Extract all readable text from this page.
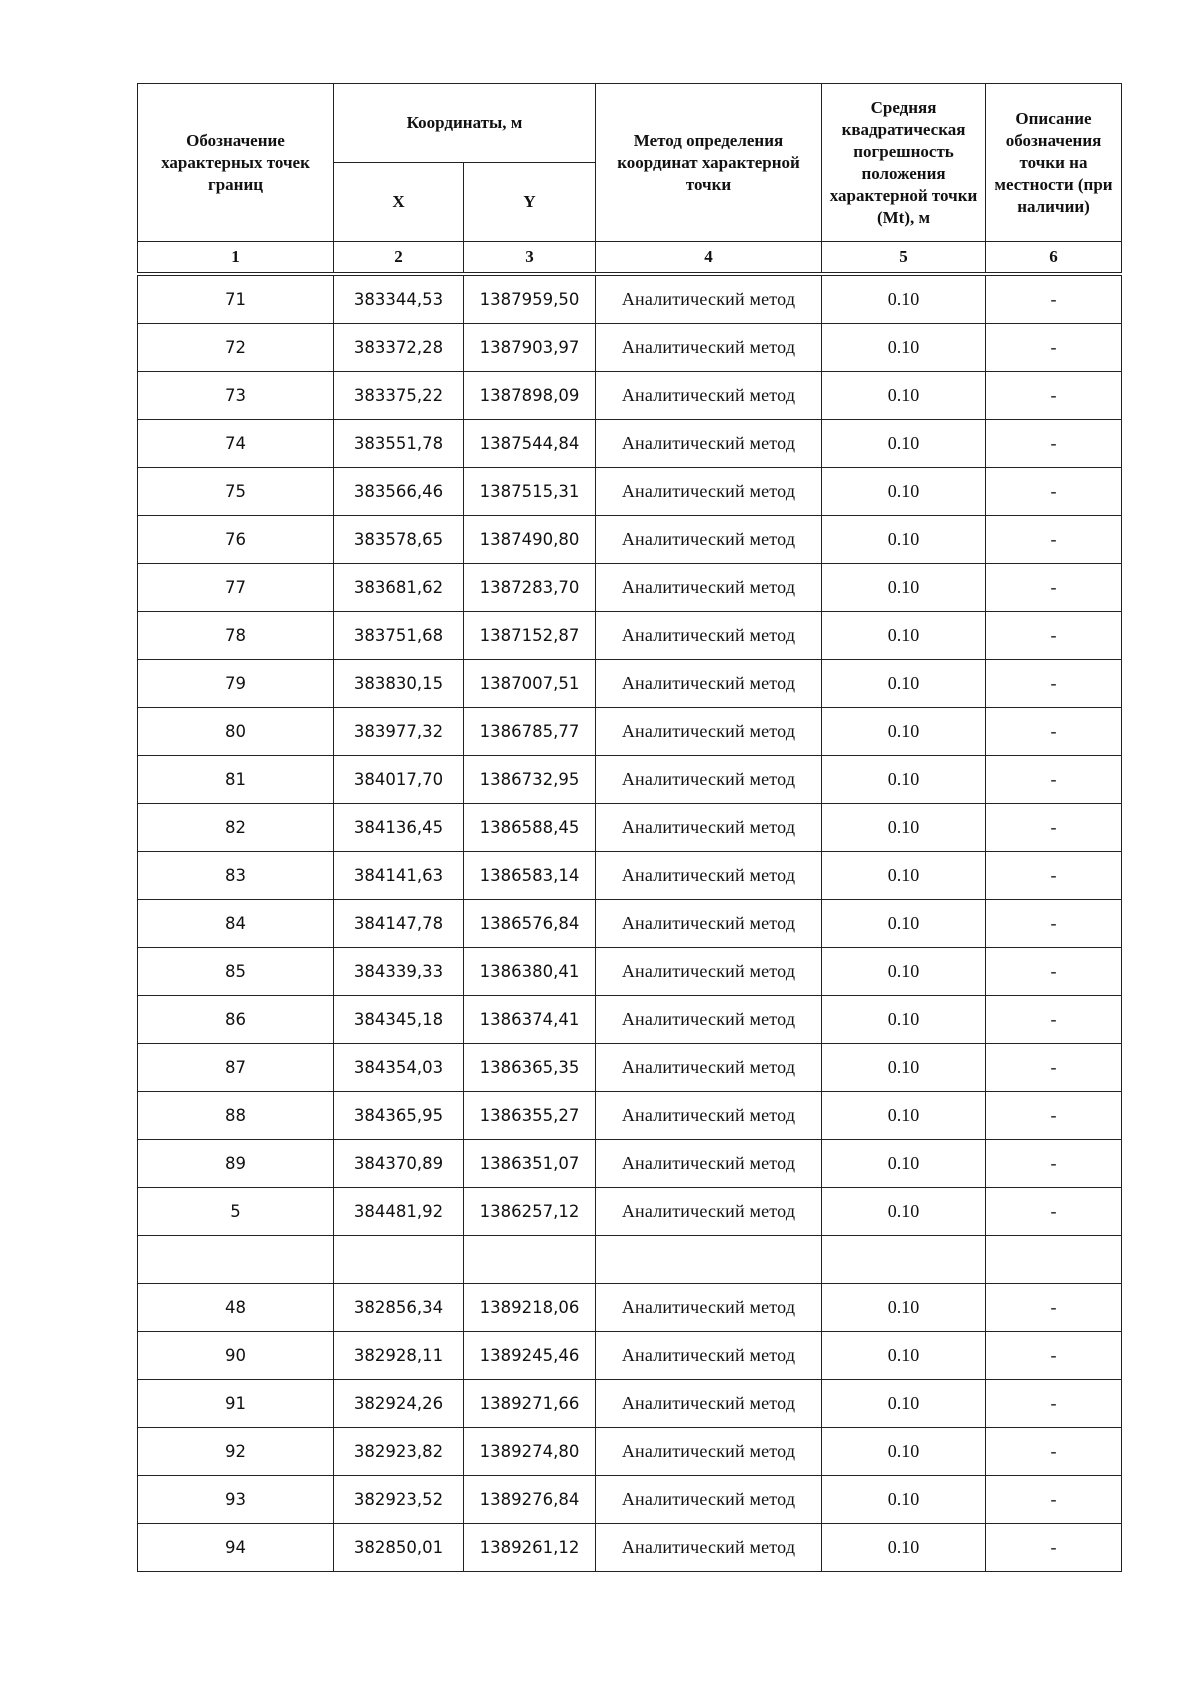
Обозначение характерных точек границ	Координаты, м		Метод определения координат характерной точки	Средняя квадратическая погрешность положения характерной точки (Mt), м	Описание обозначения точки на местности (при наличии)
	X	Y			
1	2	3	4	5	6
71	383344,53	1387959,50	Аналитический метод	0.10	-
72	383372,28	1387903,97	Аналитический метод	0.10	-
73	383375,22	1387898,09	Аналитический метод	0.10	-
74	383551,78	1387544,84	Аналитический метод	0.10	-
75	383566,46	1387515,31	Аналитический метод	0.10	-
76	383578,65	1387490,80	Аналитический метод	0.10	-
77	383681,62	1387283,70	Аналитический метод	0.10	-
78	383751,68	1387152,87	Аналитический метод	0.10	-
79	383830,15	1387007,51	Аналитический метод	0.10	-
80	383977,32	1386785,77	Аналитический метод	0.10	-
81	384017,70	1386732,95	Аналитический метод	0.10	-
82	384136,45	1386588,45	Аналитический метод	0.10	-
83	384141,63	1386583,14	Аналитический метод	0.10	-
84	384147,78	1386576,84	Аналитический метод	0.10	-
85	384339,33	1386380,41	Аналитический метод	0.10	-
86	384345,18	1386374,41	Аналитический метод	0.10	-
87	384354,03	1386365,35	Аналитический метод	0.10	-
88	384365,95	1386355,27	Аналитический метод	0.10	-
89	384370,89	1386351,07	Аналитический метод	0.10	-
5	384481,92	1386257,12	Аналитический метод	0.10	-

48	382856,34	1389218,06	Аналитический метод	0.10	-
90	382928,11	1389245,46	Аналитический метод	0.10	-
91	382924,26	1389271,66	Аналитический метод	0.10	-
92	382923,82	1389274,80	Аналитический метод	0.10	-
93	382923,52	1389276,84	Аналитический метод	0.10	-
94	382850,01	1389261,12	Аналитический метод	0.10	-
